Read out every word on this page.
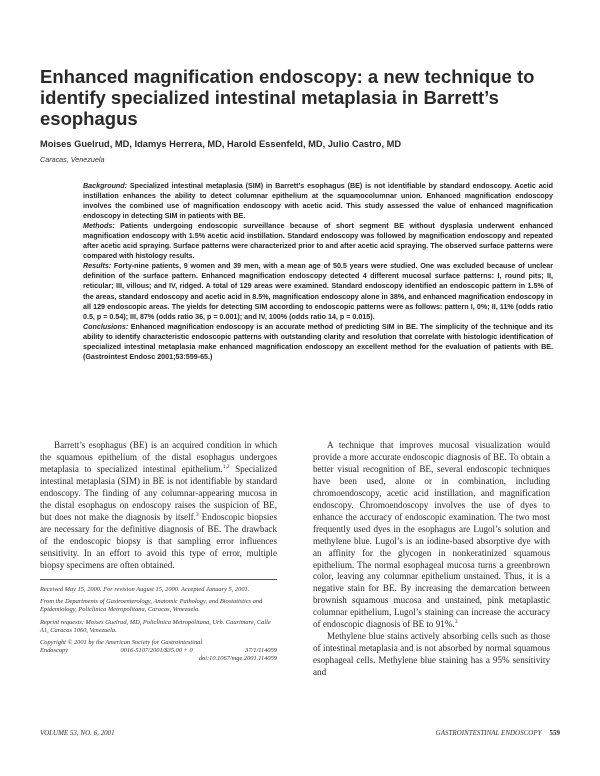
Enhanced magnification endoscopy: a new technique to identify specialized intestinal metaplasia in Barrett’s esophagus
Moises Guelrud, MD, Idamys Herrera, MD, Harold Essenfeld, MD, Julio Castro, MD
Caracas, Venezuela

Background: Specialized intestinal metaplasia (SIM) in Barrett’s esophagus (BE) is not identifiable by standard endoscopy. Acetic acid instillation enhances the ability to detect columnar epithelium at the squamocolumnar union. Enhanced magnification endoscopy involves the combined use of magnification endoscopy with acetic acid. This study assessed the value of enhanced magnification endoscopy in detecting SIM in patients with BE.

Methods: Patients undergoing endoscopic surveillance because of short segment BE without dysplasia underwent enhanced magnification endoscopy with 1.5% acetic acid instillation. Standard endoscopy was followed by magnification endoscopy and repeated after acetic acid spraying. Surface patterns were characterized prior to and after acetic acid spraying. The observed surface patterns were compared with histology results.

Results: Forty-nine patients, 9 women and 39 men, with a mean age of 50.5 years were studied. One was excluded because of unclear definition of the surface pattern. Enhanced magnification endoscopy detected 4 different mucosal surface patterns: I, round pits; II, reticular; III, villous; and IV, ridged. A total of 129 areas were examined. Standard endoscopy identified an endoscopic pattern in 1.5% of the areas, standard endoscopy and acetic acid in 8.5%, magnification endoscopy alone in 38%, and enhanced magnification endoscopy in all 129 endoscopic areas. The yields for detecting SIM according to endoscopic patterns were as follows: pattern I, 0%; II, 11% (odds ratio 0.5, p = 0.54); III, 87% (odds ratio 36, p = 0.001); and IV, 100% (odds ratio 14, p = 0.015).

Conclusions: Enhanced magnification endoscopy is an accurate method of predicting SIM in BE. The simplicity of the technique and its ability to identify characteristic endoscopic patterns with outstanding clarity and resolution that correlate with histologic identification of specialized intestinal metaplasia make enhanced magnification endoscopy an excellent method for the evaluation of patients with BE. (Gastrointest Endosc 2001;53:559-65.)

Barrett’s esophagus (BE) is an acquired condition in which the squamous epithelium of the distal esophagus undergoes metaplasia to specialized intestinal epithelium.$^{1,2}$ Specialized intestinal metaplasia (SIM) in BE is not identifiable by standard endoscopy. The finding of any columnar-appearing mucosa in the distal esophagus on endoscopy raises the suspicion of BE, but does not make the diagnosis by itself.$^3$ Endoscopic biopsies are necessary for the definitive diagnosis of BE. The drawback of the endoscopic biopsy is that sampling error influences sensitivity. In an effort to avoid this type of error, multiple biopsy specimens are often obtained.

A technique that improves mucosal visualization would provide a more accurate endoscopic diagnosis of BE. To obtain a better visual recognition of BE, several endoscopic techniques have been used, alone or in combination, including chromoendoscopy, acetic acid instillation, and magnification endoscopy. Chromoendoscopy involves the use of dyes to enhance the accuracy of endoscopic examination. The two most frequently used dyes in the esophagus are Lugol’s solution and methylene blue. Lugol’s is an iodine-based absorptive dye with an affinity for the glycogen in nonkeratinized squamous epithelium. The normal esophageal mucosa turns a greenbrown color, leaving any columnar epithelium unstained. Thus, it is a negative stain for BE. By increasing the demarcation between brownish squamous mucosa and unstained, pink metaplastic columnar epithelium, Lugol’s staining can increase the accuracy of endoscopic diagnosis of BE to 91%.$^3$

Methylene blue stains actively absorbing cells such as those of intestinal metaplasia and is not absorbed by normal squamous esophageal cells. Methylene blue staining has a 95% sensitivity and

Received May 15, 2000. For revision August 15, 2000. Accepted January 5, 2001.

From the Departments of Gastroenterology, Anatomic Pathology, and Biostatistics and Epidemiology, Policlinica Metropolitana, Caracas, Venezuela.

Reprint requests: Moises Guelrud, MD, Policlinica Metropolitana, Urb. Caurimare, Calle A1, Caracas 1060, Venezuela.

Copyright © 2001 by the American Society for Gastrointestinal
Endoscopy	0016-5107/2001/$35.00 + 0	37/1/114059
doi:10.1067/mge.2001.114059
VOLUME 53, NO. 6, 2001	GASTROINTESTINAL ENDOSCOPY 559
